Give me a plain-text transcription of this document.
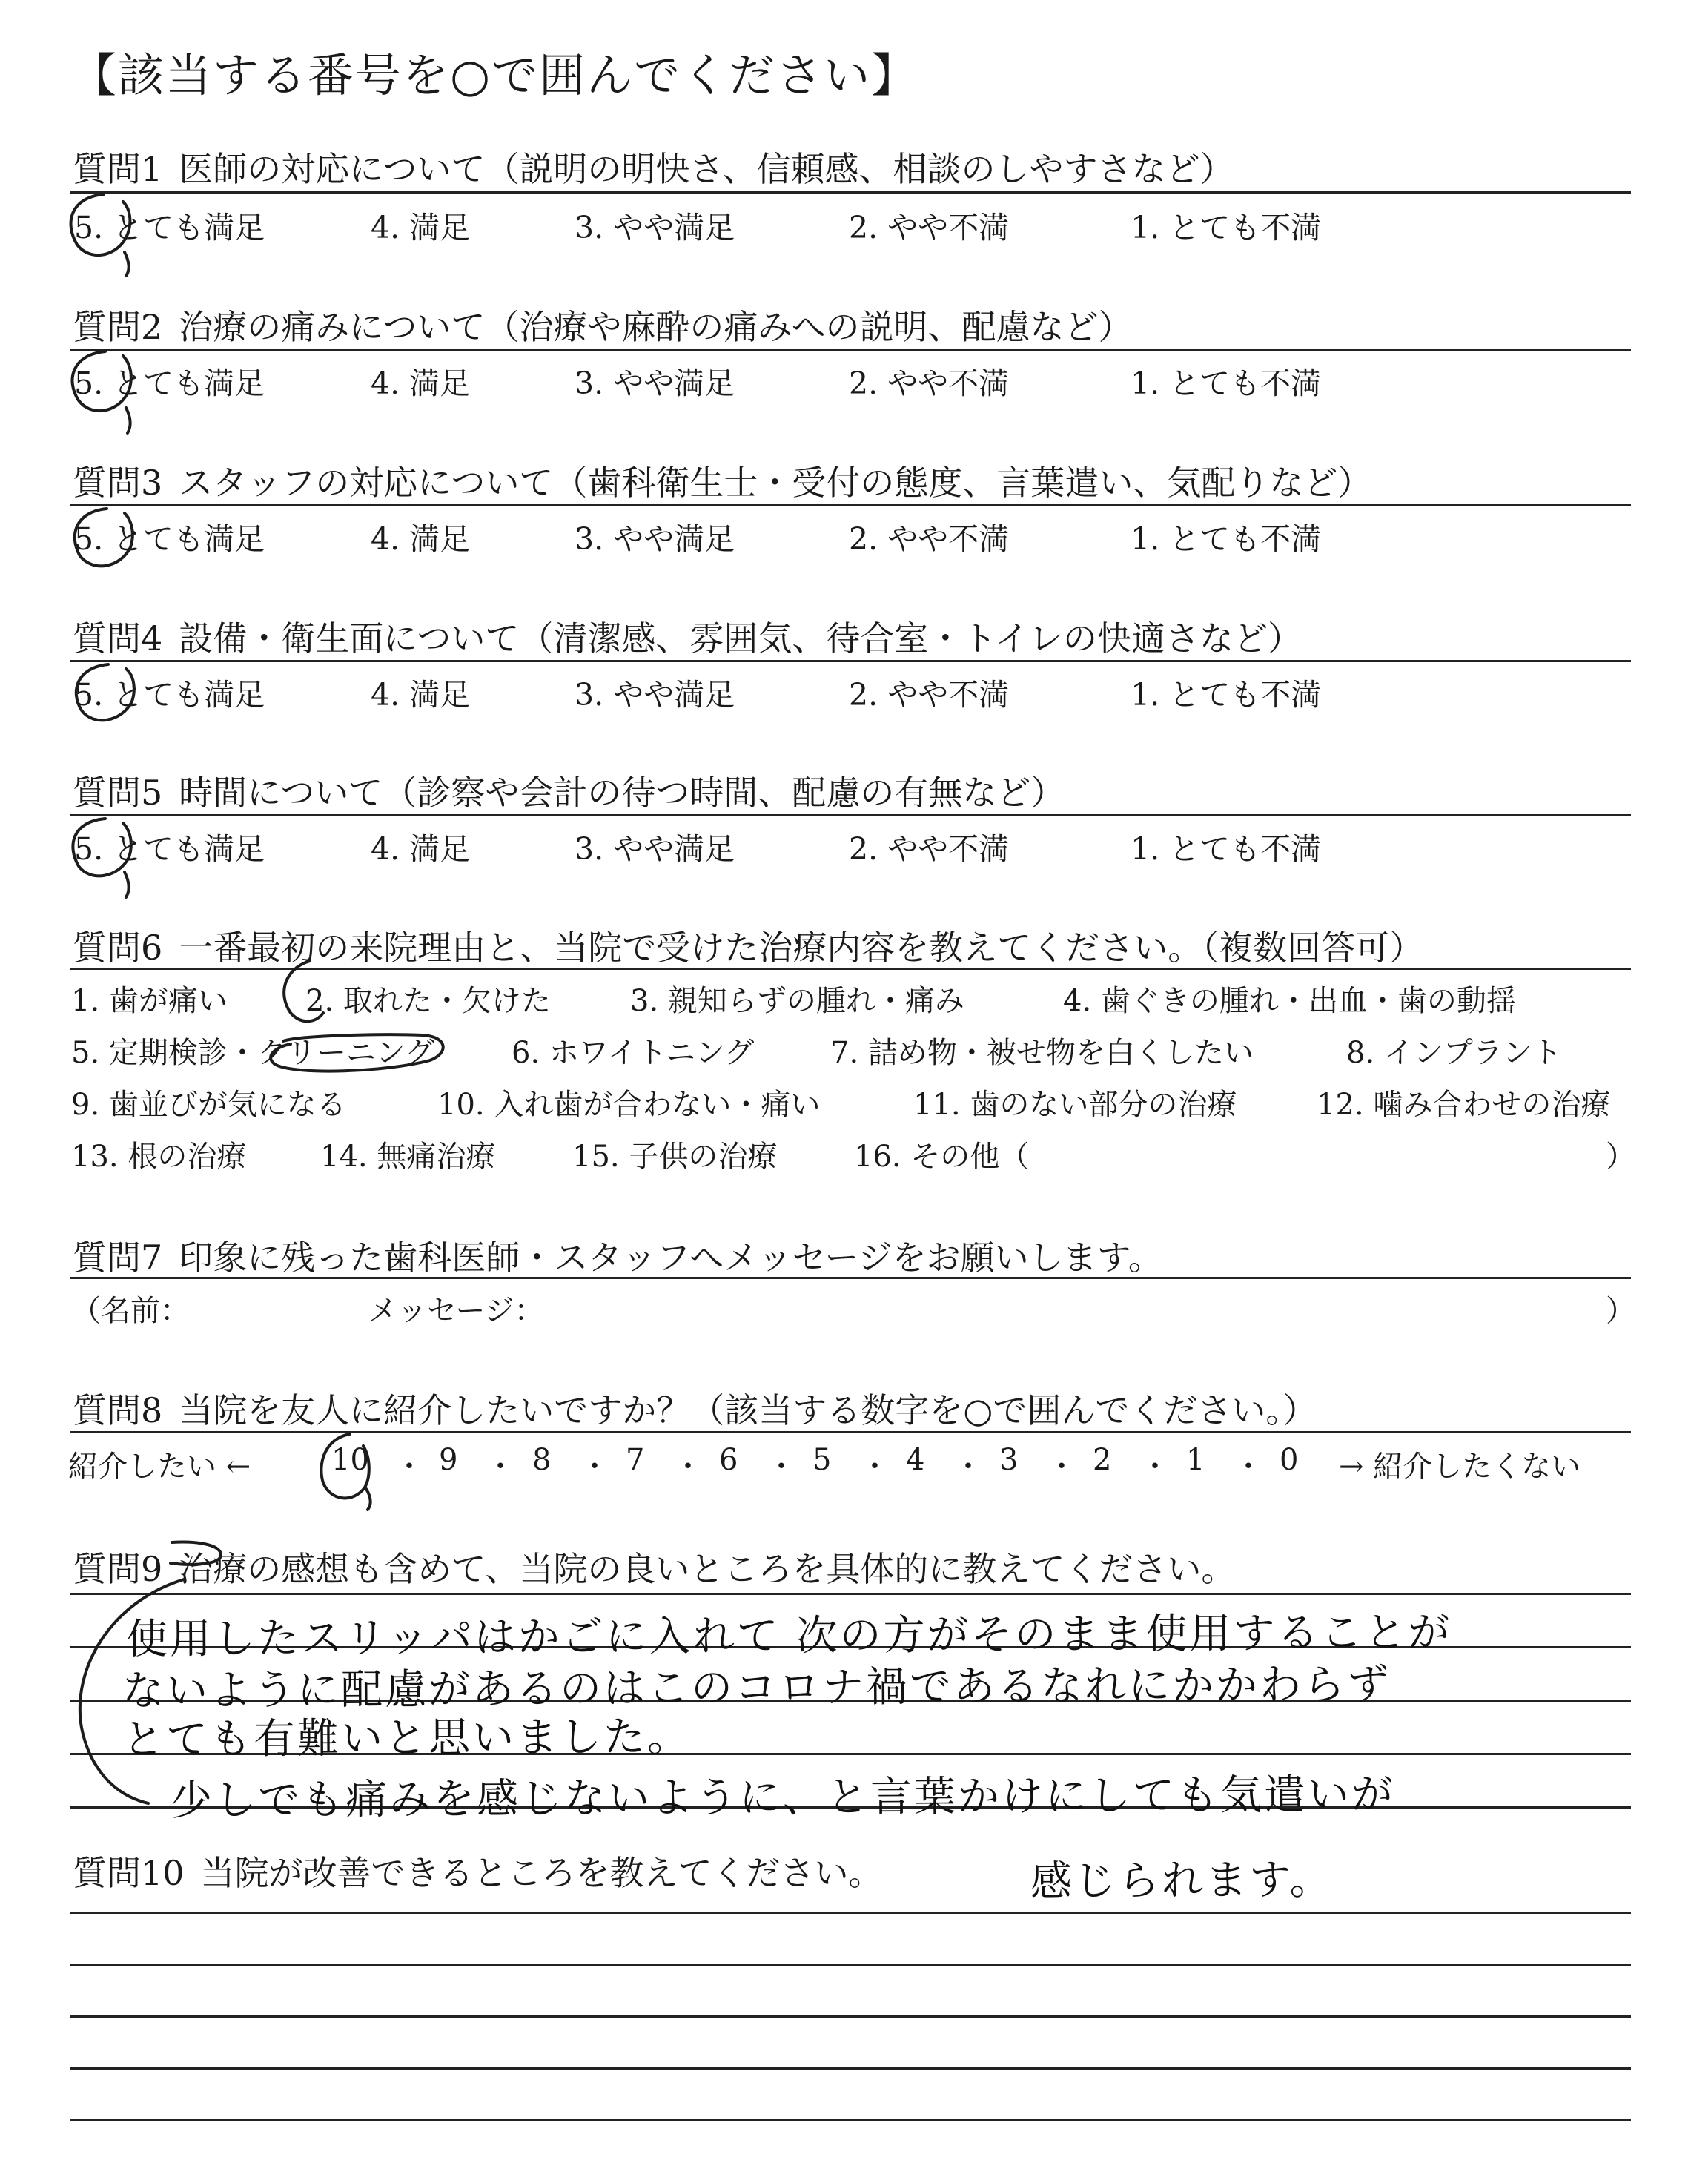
【該当する番号を○で囲んでください】
質問1 医師の対応について（説明の明快さ、信頼感、相談のしやすさなど）
5. とても満足	4. 満足	3. やや満足	2. やや不満	1. とても不満
質問2 治療の痛みについて（治療や麻酔の痛みへの説明、配慮など）
5. とても満足	4. 満足	3. やや満足	2. やや不満	1. とても不満
質問3 スタッフの対応について（歯科衛生士・受付の態度、言葉遣い、気配りなど）
5. とても満足	4. 満足	3. やや満足	2. やや不満	1. とても不満
質問4 設備・衛生面について（清潔感、雰囲気、待合室・トイレの快適さなど）
5. とても満足	4. 満足	3. やや満足	2. やや不満	1. とても不満
質問5 時間について（診察や会計の待つ時間、配慮の有無など）
5. とても満足	4. 満足	3. やや満足	2. やや不満	1. とても不満
質問6 一番最初の来院理由と、当院で受けた治療内容を教えてください。（複数回答可）
1. 歯が痛い	2. 取れた・欠けた	3. 親知らずの腫れ・痛み	4. 歯ぐきの腫れ・出血・歯の動揺
5. 定期検診・クリーニング	6. ホワイトニング	7. 詰め物・被せ物を白くしたい	8. インプラント
9. 歯並びが気になる	10. 入れ歯が合わない・痛い	11. 歯のない部分の治療	12. 噛み合わせの治療
13. 根の治療 14. 無痛治療	15. 子供の治療	16. その他（	）
質問7 印象に残った歯科医師・スタッフへメッセージをお願いします。
（名前：	メッセージ：	）
質問8 当院を友人に紹介したいですか？（該当する数字を○で囲んでください。）
紹介したい ←	10 ・ 9 ・ 8 ・ 7 ・ 6 ・ 5 ・ 4 ・ 3 ・ 2 ・ 1 ・ 0 → 紹介したくない
質問9 治療の感想も含めて、当院の良いところを具体的に教えてください。
使用したスリッパはかごに入れて 次の方がそのまま使用することが
ないように配慮があるのはこのコロナ禍であるなれにかかわらず
とても有難いと思いました。
少しでも痛みを感じないように、と言葉かけにしても気遣いが
感じられます。
質問10 当院が改善できるところを教えてください。
